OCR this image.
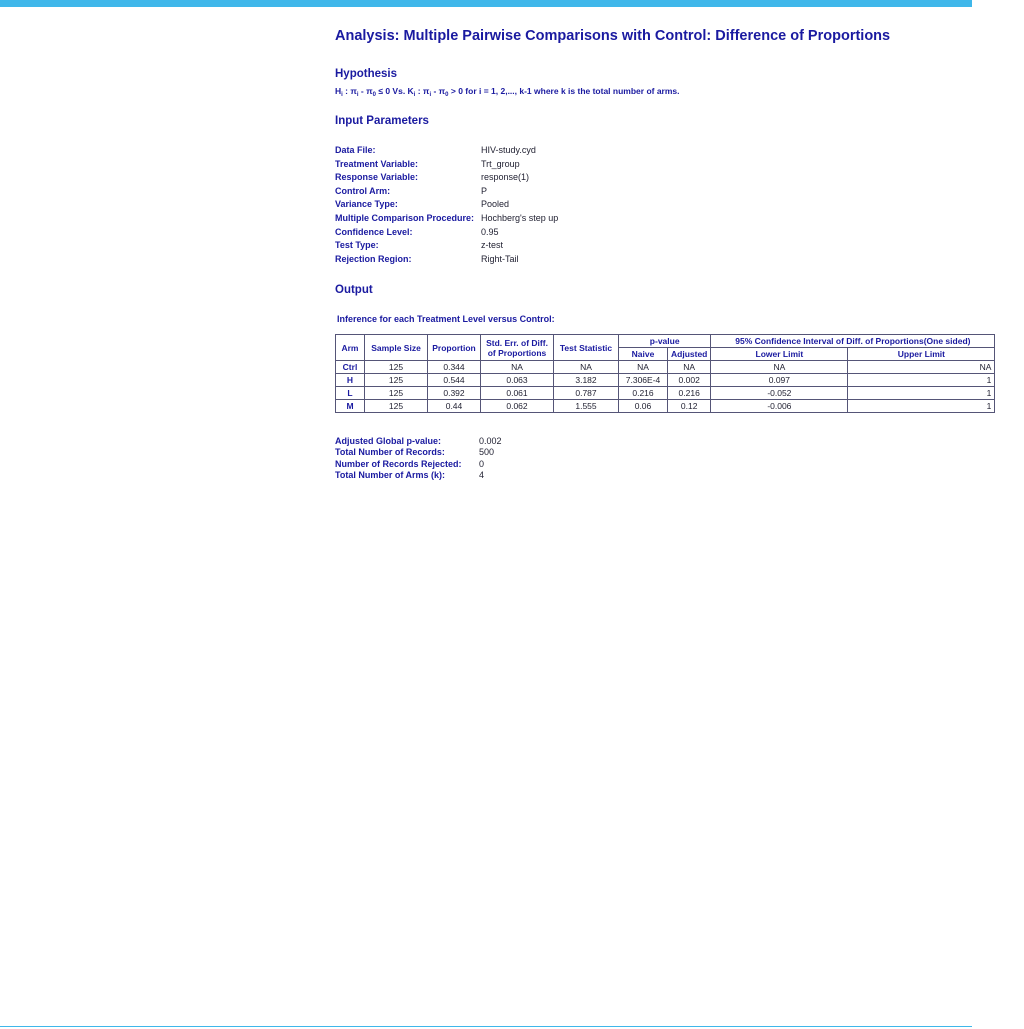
Analysis: Multiple Pairwise Comparisons with Control: Difference of Proportions
Hypothesis
$H_i$ : $\pi_i - \pi_0 \le 0$ Vs. $K_i$ : $\pi_i - \pi_0 > 0$ for i = 1, 2,..., k-1 where k is the total number of arms.
Input Parameters
Data File:	HIV-study.cyd
Treatment Variable:	Trt_group
Response Variable:	response(1)
Control Arm:	P
Variance Type:	Pooled
Multiple Comparison Procedure: Hochberg's step up
Confidence Level:	0.95
Test Type:	z-test
Rejection Region:	Right-Tail
Output
Inference for each Treatment Level versus Control:
Arm	Sample Size	Proportion	Std. Err. of Diff. of Proportions	Test Statistic	p-value		95% Confidence Interval of Diff. of Proportions(One sided)	
					Naive	Adjusted	Lower Limit	Upper Limit
Ctrl	125	0.344	NA	NA	NA	NA	NA	NA
H	125	0.544	0.063	3.182	7.306E-4	0.002	0.097	1
L	125	0.392	0.061	0.787	0.216	0.216	-0.052	1
M	125	0.44	0.062	1.555	0.06	0.12	-0.006	1
Adjusted Global p-value:	0.002
Total Number of Records:	500
Number of Records Rejected:	0
Total Number of Arms (k):	4
